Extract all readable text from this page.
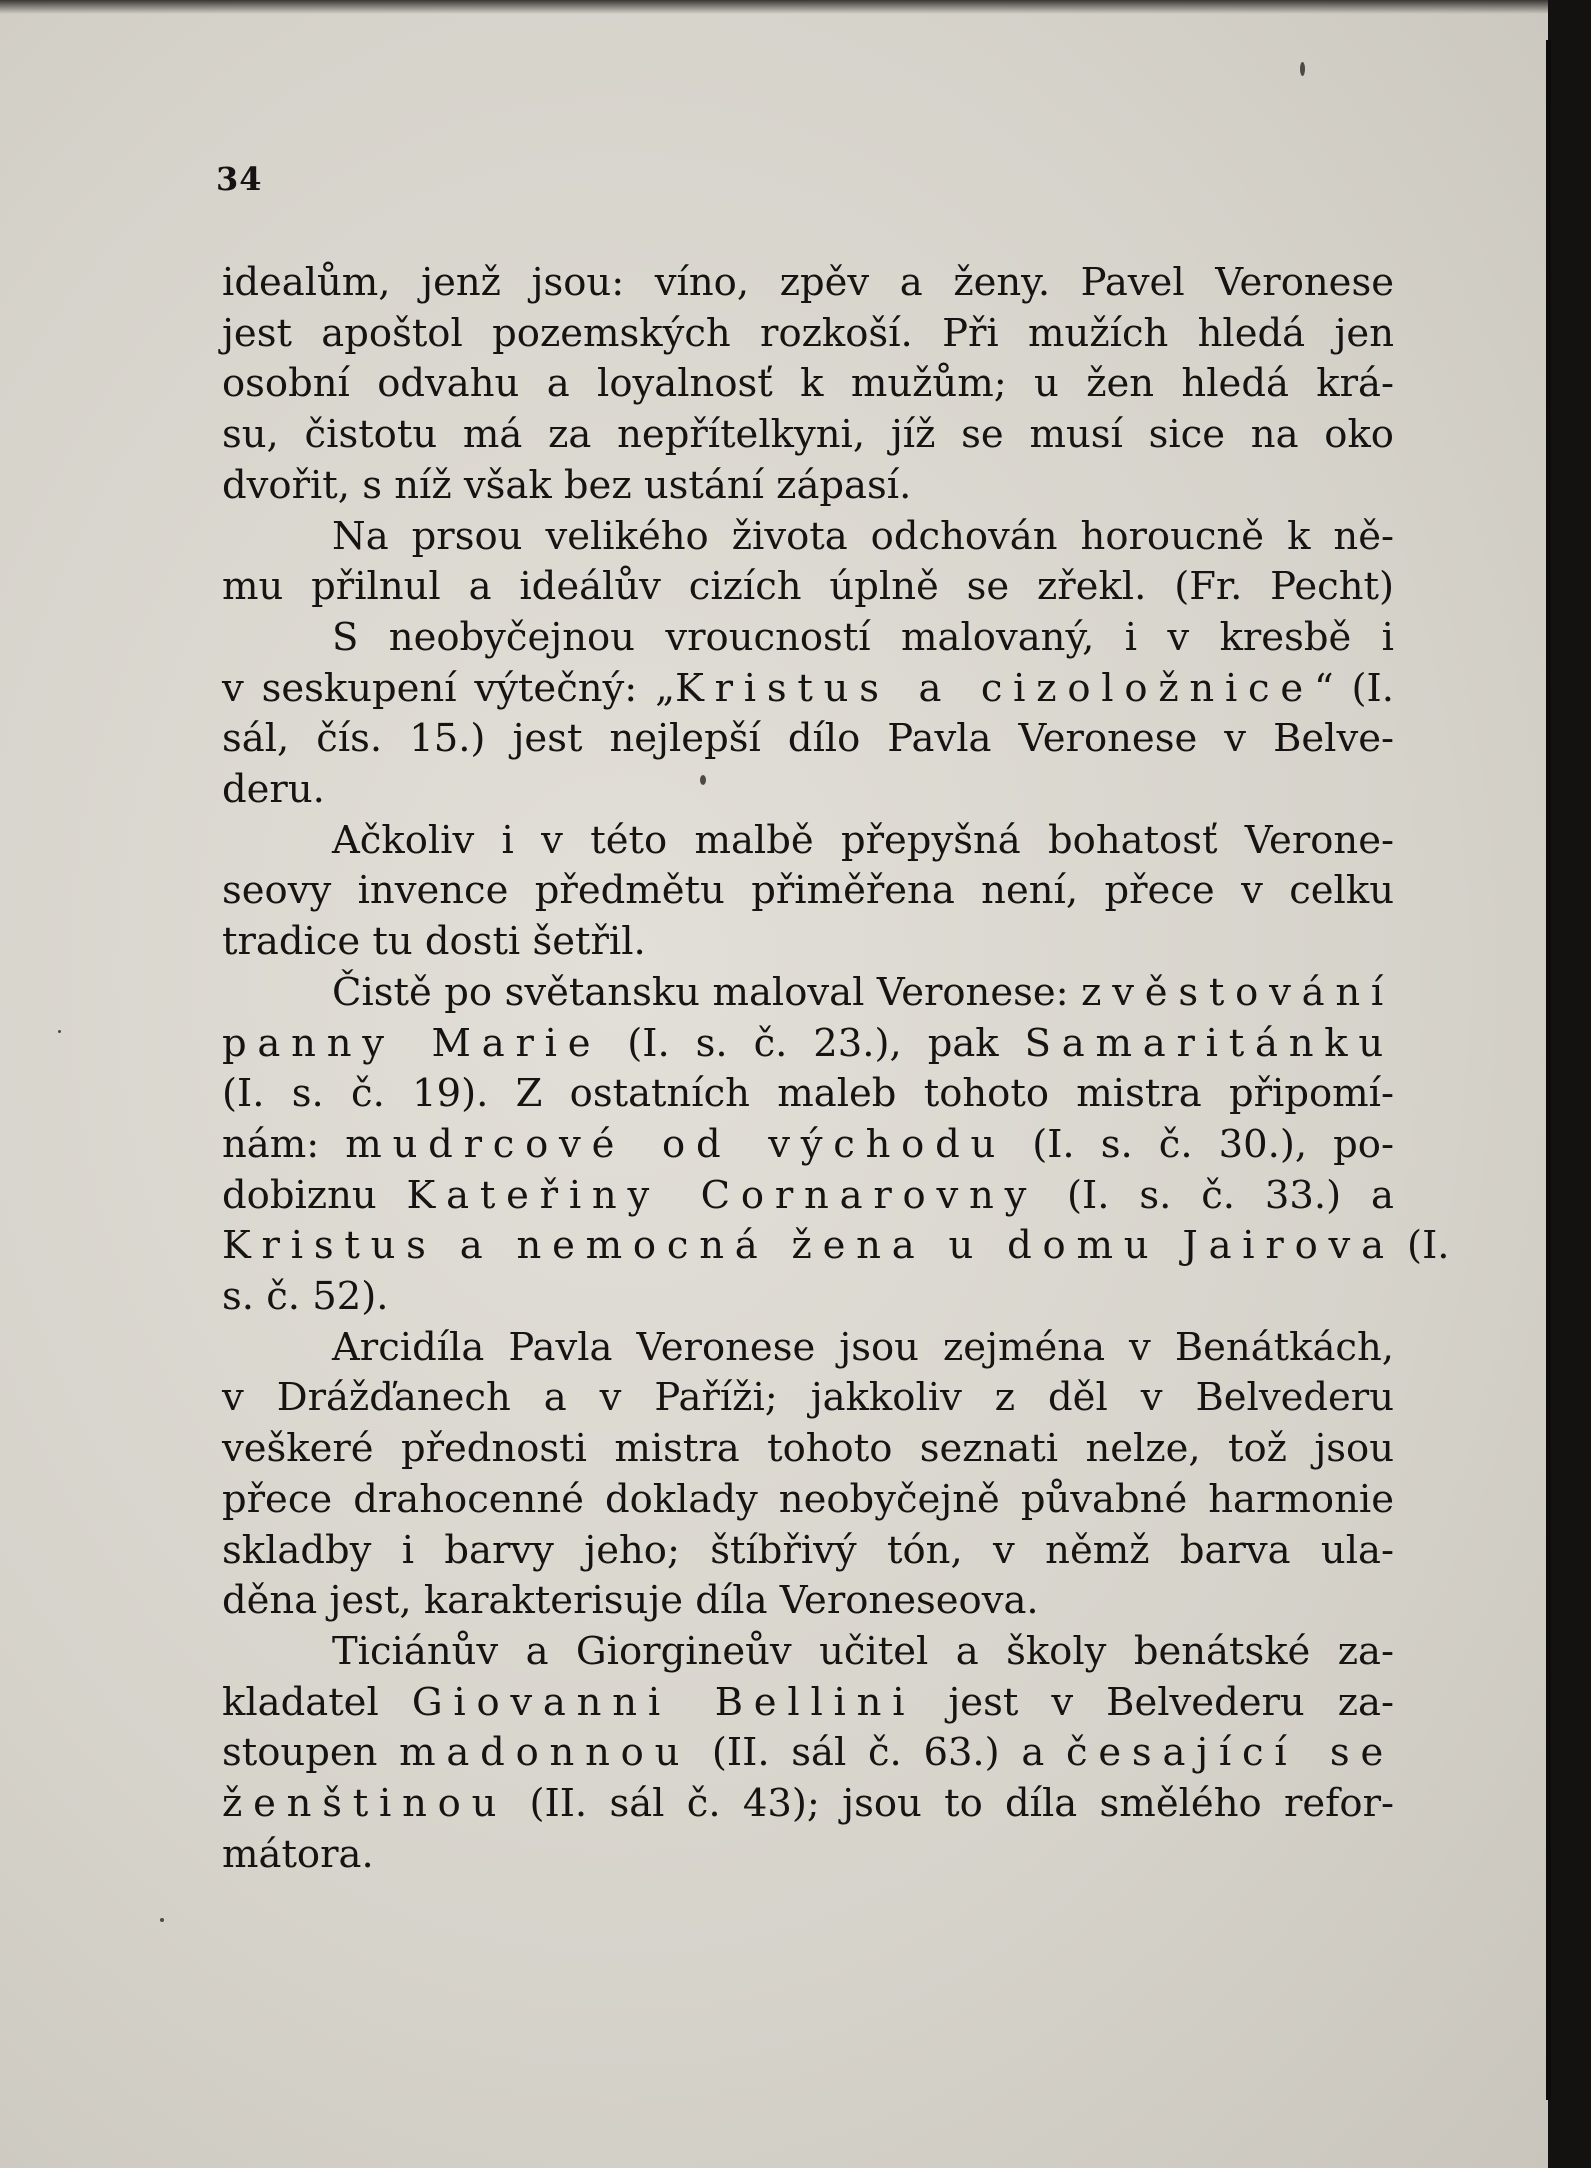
34
idealům, jenž jsou: víno, zpěv a ženy. Pavel Veronese
jest apoštol pozemských rozkoší. Při mužích hledá jen
osobní odvahu a loyalnosť k mužům; u žen hledá krá-
su, čistotu má za nepřítelkyni, jíž se musí sice na oko
dvořit, s níž však bez ustání zápasí.
Na prsou velikého života odchován horoucně k ně-
mu přilnul a ideálův cizích úplně se zřekl. (Fr. Pecht)
S neobyčejnou vroucností malovaný, i v kresbě i
v seskupení výtečný: „Kristus a cizoložnice“ (I.
sál, čís. 15.) jest nejlepší dílo Pavla Veronese v Belve-
deru.
Ačkoliv i v této malbě přepyšná bohatosť Verone-
seovy invence předmětu přiměřena není, přece v celku
tradice tu dosti šetřil.
Čistě po světansku maloval Veronese: zvěstování
panny Marie (I. s. č. 23.), pak Samaritánku
(I. s. č. 19). Z ostatních maleb tohoto mistra připomí-
nám: mudrcové od východu (I. s. č. 30.), po-
dobiznu Kateřiny Cornarovny (I. s. č. 33.) a
Kristus a nemocná žena u domu Jairova (I.
s. č. 52).
Arcidíla Pavla Veronese jsou zejména v Benátkách,
v Drážďanech a v Paříži; jakkoliv z děl v Belvederu
veškeré přednosti mistra tohoto seznati nelze, tož jsou
přece drahocenné doklady neobyčejně půvabné harmonie
skladby i barvy jeho; štíbřivý tón, v němž barva ula-
děna jest, karakterisuje díla Veroneseova.
Ticiánův a Giorgineův učitel a školy benátské za-
kladatel Giovanni Bellini jest v Belvederu za-
stoupen madonnou (II. sál č. 63.) a česající se
ženštinou (II. sál č. 43); jsou to díla smělého refor-
mátora.
